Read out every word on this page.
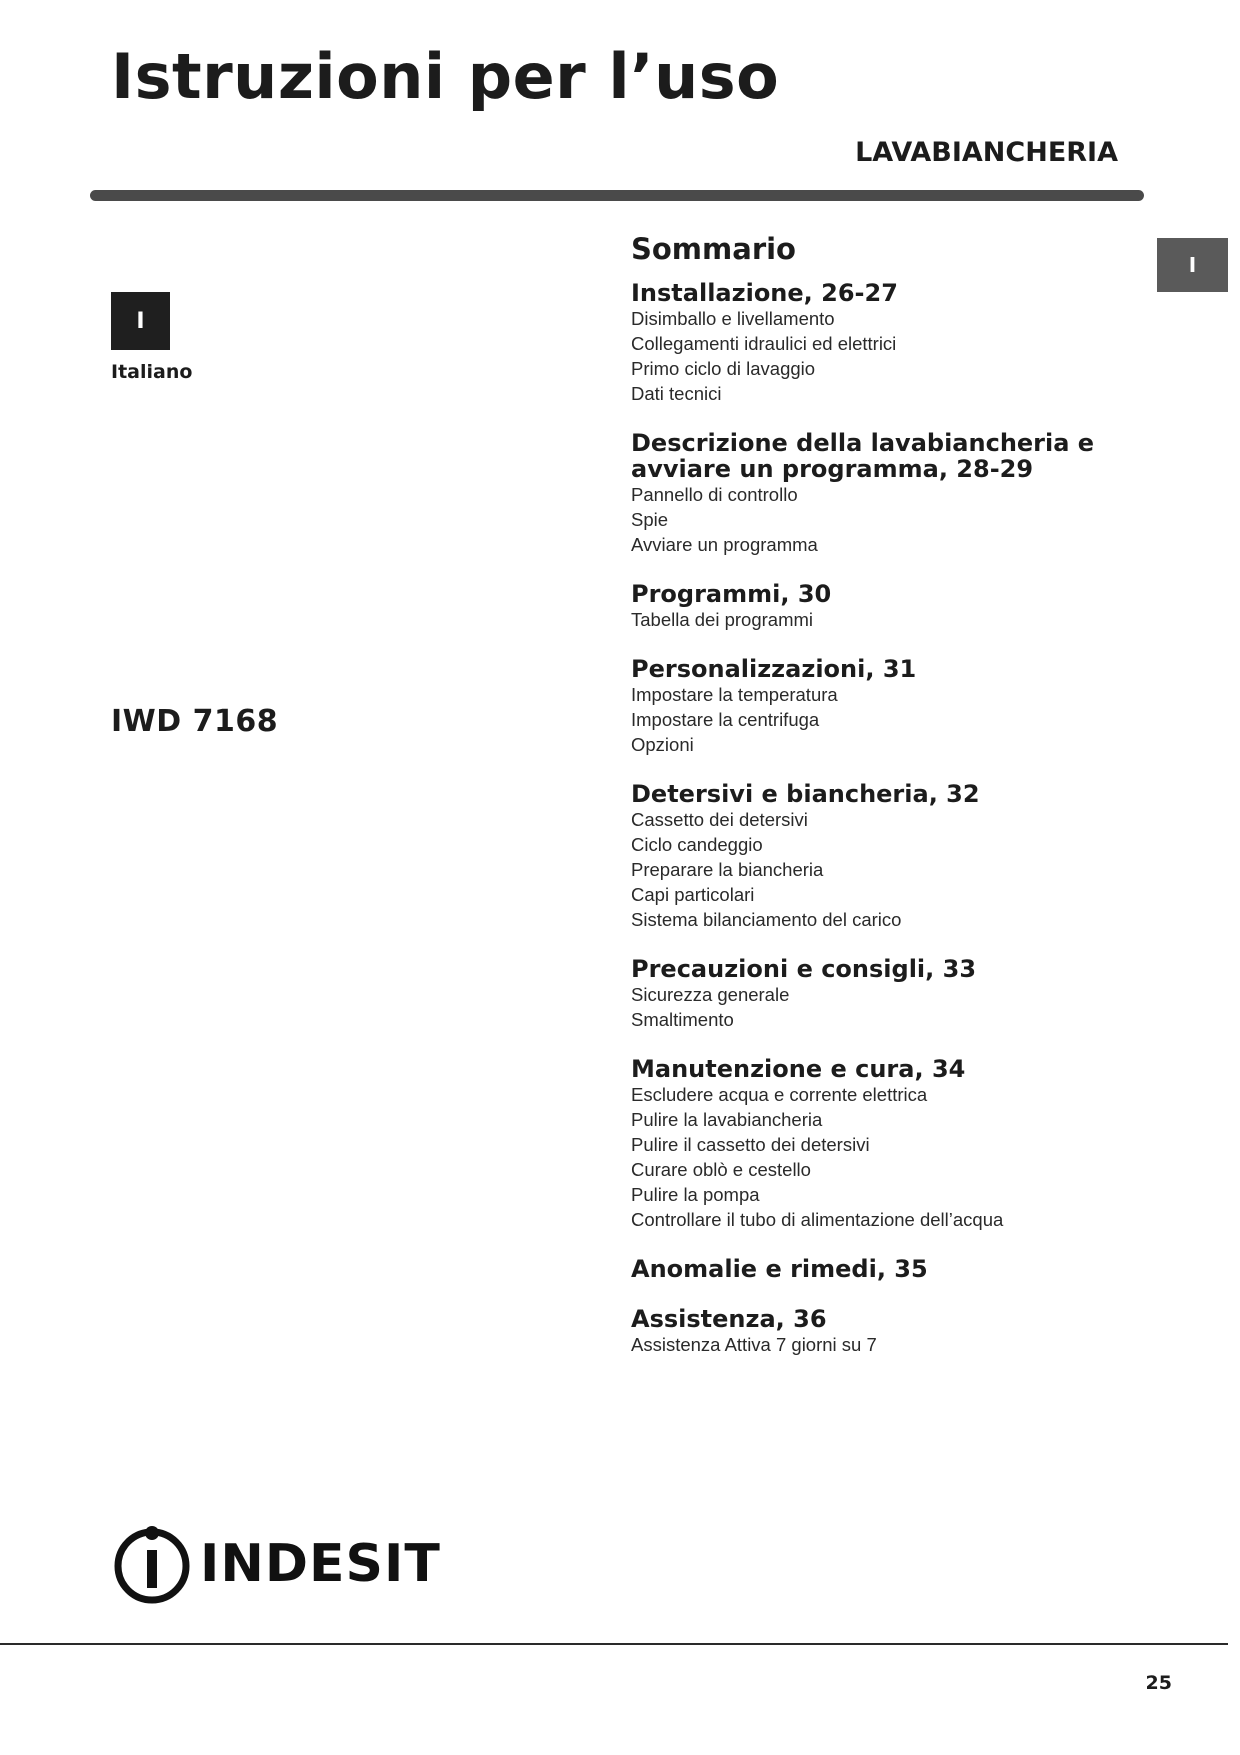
Istruzioni per l’uso
LAVABIANCHERIA
I
I
Italiano
IWD 7168
Sommario
Installazione, 26-27
Disimballo e livellamento
Collegamenti idraulici ed elettrici
Primo ciclo di lavaggio
Dati tecnici
Descrizione della lavabiancheria e avviare un programma, 28-29
Pannello di controllo
Spie
Avviare un programma
Programmi, 30
Tabella dei programmi
Personalizzazioni, 31
Impostare la temperatura
Impostare la centrifuga
Opzioni
Detersivi e biancheria, 32
Cassetto dei detersivi
Ciclo candeggio
Preparare la biancheria
Capi particolari
Sistema bilanciamento del carico
Precauzioni e consigli, 33
Sicurezza generale
Smaltimento
Manutenzione e cura, 34
Escludere acqua e corrente elettrica
Pulire la lavabiancheria
Pulire il cassetto dei detersivi
Curare oblò e cestello
Pulire la pompa
Controllare il tubo di alimentazione dell’acqua
Anomalie e rimedi, 35
Assistenza, 36
Assistenza Attiva 7 giorni su 7
INDESIT
25
